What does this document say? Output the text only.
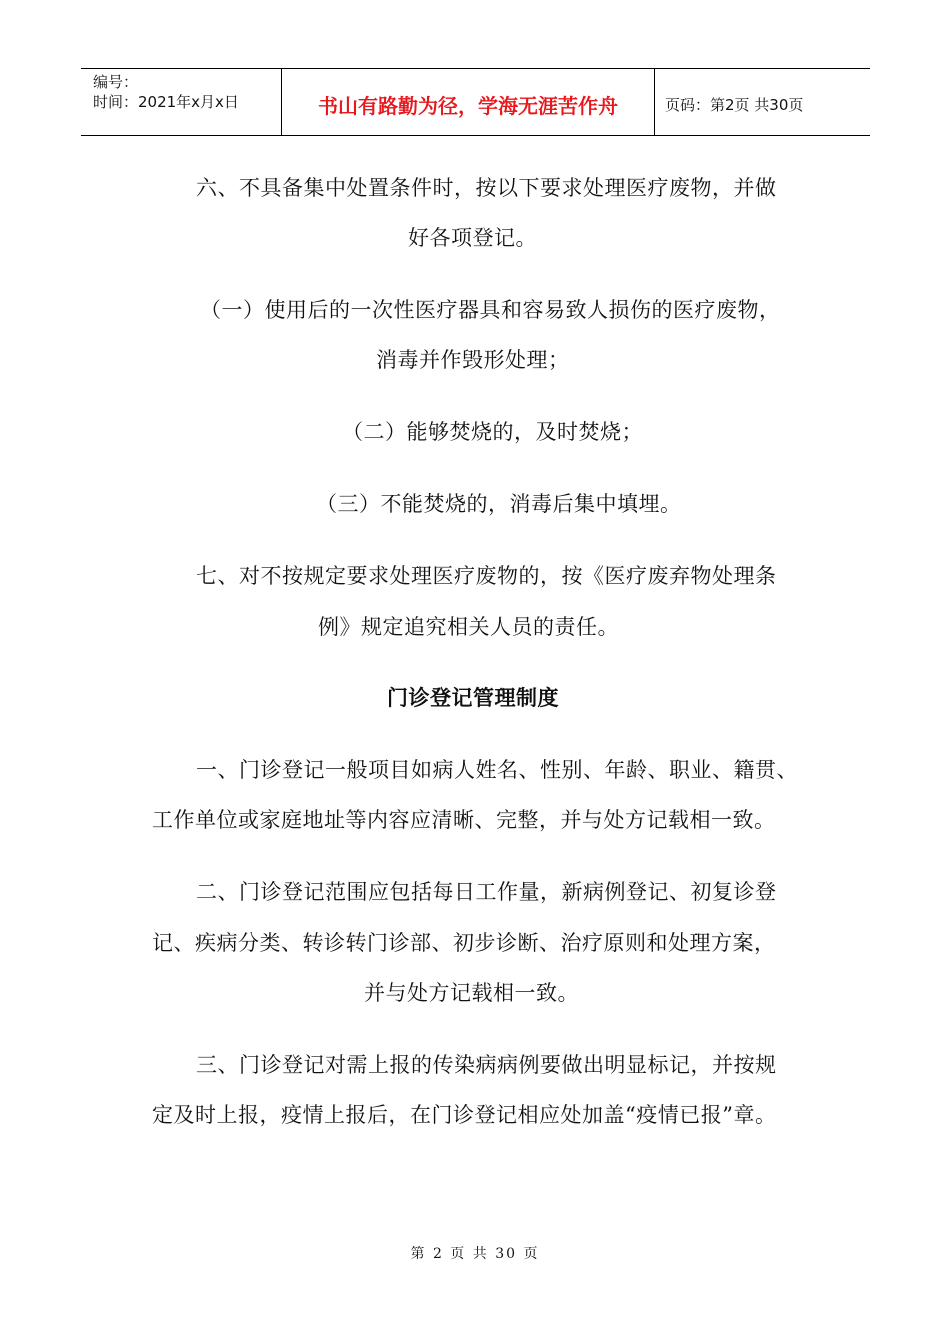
编号：
时间：2021年x月x日	书山有路勤为径，学海无涯苦作舟	页码：第2页 共30页
六、不具备集中处置条件时，按以下要求处理医疗废物，并做
好各项登记。
（一）使用后的一次性医疗器具和容易致人损伤的医疗废物，
消毒并作毁形处理；
（二）能够焚烧的，及时焚烧；
（三）不能焚烧的，消毒后集中填埋。
七、对不按规定要求处理医疗废物的，按《医疗废弃物处理条
例》规定追究相关人员的责任。
门诊登记管理制度
一、门诊登记一般项目如病人姓名、性别、年龄、职业、籍贯、
工作单位或家庭地址等内容应清晰、完整，并与处方记载相一致。
二、门诊登记范围应包括每日工作量，新病例登记、初复诊登
记、疾病分类、转诊转门诊部、初步诊断、治疗原则和处理方案，
并与处方记载相一致。
三、门诊登记对需上报的传染病病例要做出明显标记，并按规
定及时上报，疫情上报后，在门诊登记相应处加盖“疫情已报”章。
第 2 页 共 30 页
